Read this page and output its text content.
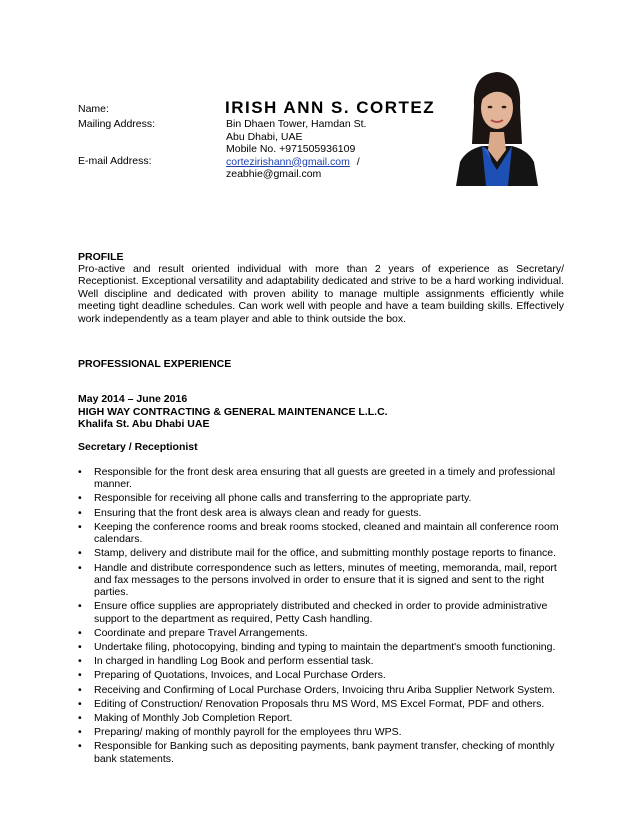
Name:	IRISH ANN S. CORTEZ
Mailing Address:	Bin Dhaen Tower, Hamdan St.
Abu Dhabi, UAE
Mobile No. +971505936109
cortezirishann@gmail.com /
zeabhie@gmail.com
E-mail Address:
PROFILE

Pro-active and result oriented individual with more than 2 years of experience as Secretary/ Receptionist. Exceptional versatility and adaptability dedicated and strive to be a hard working individual. Well discipline and dedicated with proven ability to manage multiple assignments efficiently while meeting tight deadline schedules. Can work well with people and have a team building skills. Effectively work independently as a team player and able to think outside the box.

PROFESSIONAL EXPERIENCE
May 2014 – June 2016
HIGH WAY CONTRACTING & GENERAL MAINTENANCE L.L.C.
Khalifa St. Abu Dhabi UAE
Secretary / Receptionist
• Responsible for the front desk area ensuring that all guests are greeted in a timely and professional manner.
• Responsible for receiving all phone calls and transferring to the appropriate party.
• Ensuring that the front desk area is always clean and ready for guests.
• Keeping the conference rooms and break rooms stocked, cleaned and maintain all conference room calendars.
• Stamp, delivery and distribute mail for the office, and submitting monthly postage reports to finance.
• Handle and distribute correspondence such as letters, minutes of meeting, memoranda, mail, report and fax messages to the persons involved in order to ensure that it is signed and sent to the right parties.
• Ensure office supplies are appropriately distributed and checked in order to provide administrative support to the department as required, Petty Cash handling.
• Coordinate and prepare Travel Arrangements.
• Undertake filing, photocopying, binding and typing to maintain the department's smooth functioning.
• In charged in handling Log Book and perform essential task.
• Preparing of Quotations, Invoices, and Local Purchase Orders.
• Receiving and Confirming of Local Purchase Orders, Invoicing thru Ariba Supplier Network System.
• Editing of Construction/ Renovation Proposals thru MS Word, MS Excel Format, PDF and others.
• Making of Monthly Job Completion Report.
• Preparing/ making of monthly payroll for the employees thru WPS.
• Responsible for Banking such as depositing payments, bank payment transfer, checking of monthly bank statements.
